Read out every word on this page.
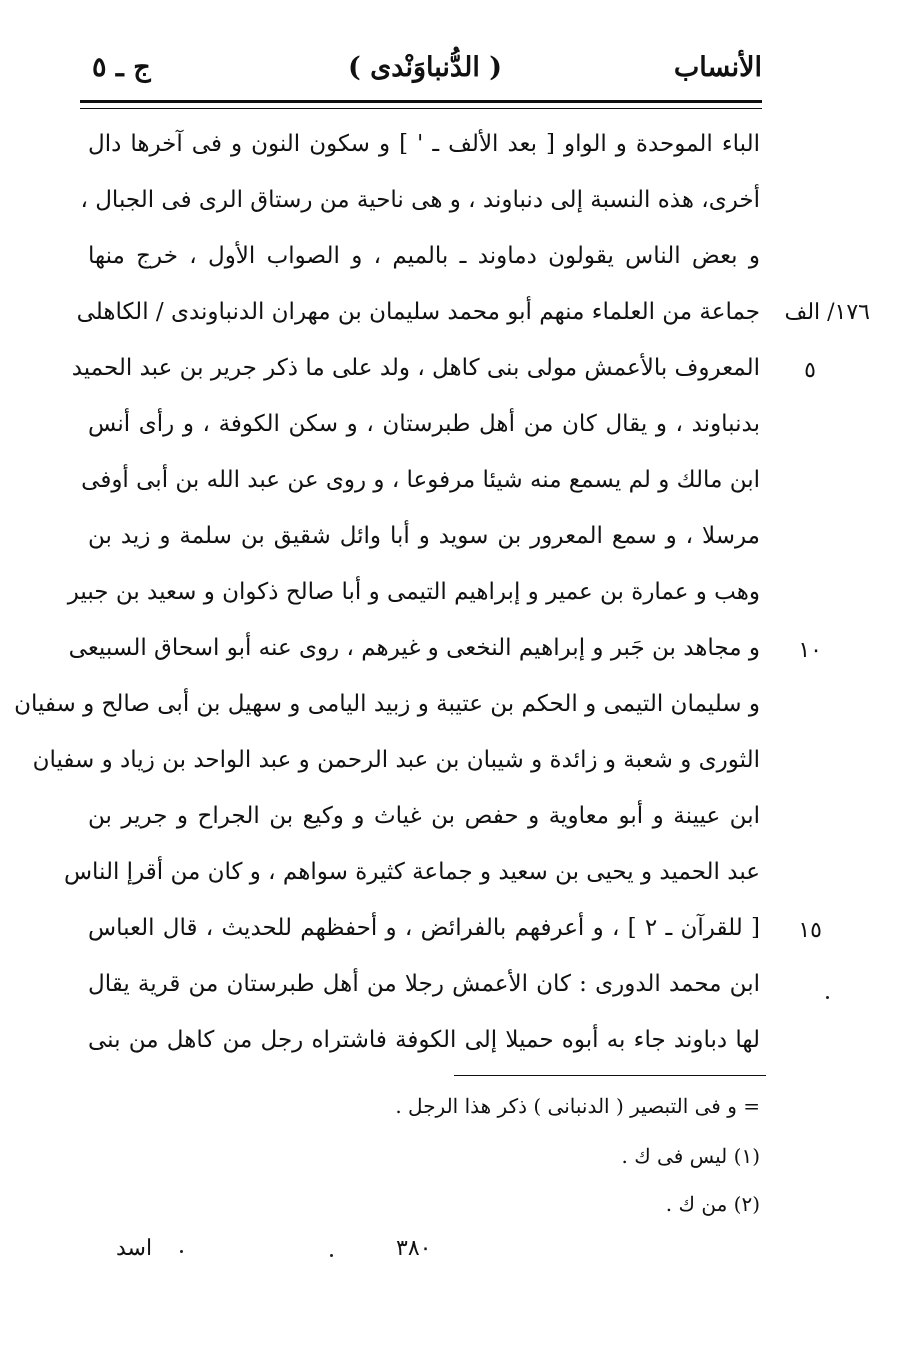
الأنساب
( الدُّنباوَنْدى )
ج ـ ٥
الباء الموحدة و الواو [ بعد الألف ـ ' ] و سكون النون و فى آخرها دال
أخرى، هذه النسبة إلى دنباوند ، و هى ناحية من رستاق الرى فى الجبال ،
و بعض الناس يقولون دماوند ـ بالميم ، و الصواب الأول ، خرج منها
جماعة من العلماء منهم أبو محمد سليمان بن مهران الدنباوندى / الكاهلى
المعروف بالأعمش مولى بنى كاهل ، ولد على ما ذكر جرير بن عبد الحميد
بدنباوند ، و يقال كان من أهل طبرستان ، و سكن الكوفة ، و رأى أنس
ابن مالك و لم يسمع منه شيئا مرفوعا ، و روى عن عبد الله بن أبى أوفى
مرسلا ، و سمع المعرور بن سويد و أبا وائل شقيق بن سلمة و زيد بن
وهب و عمارة بن عمير و إبراهيم التيمى و أبا صالح ذكوان و سعيد بن جبير
و مجاهد بن جَبر و إبراهيم النخعى و غيرهم ، روى عنه أبو اسحاق السبيعى
و سليمان التيمى و الحكم بن عتيبة و زبيد اليامى و سهيل بن أبى صالح و سفيان
الثورى و شعبة و زائدة و شيبان بن عبد الرحمن و عبد الواحد بن زياد و سفيان
ابن عيينة و أبو معاوية و حفص بن غياث و وكيع بن الجراح و جرير بن
عبد الحميد و يحيى بن سعيد و جماعة كثيرة سواهم ، و كان من أقرإ الناس
[ للقرآن ـ ٢ ] ، و أعرفهم بالفرائض ، و أحفظهم للحديث ، قال العباس
ابن محمد الدورى : كان الأعمش رجلا من أهل طبرستان من قرية يقال
لها دباوند جاء به أبوه حميلا إلى الكوفة فاشتراه رجل من كاهل من بنى
١٧٦/ الف
٥
١٠
١٥
= و فى التبصير ( الدنبانى ) ذكر هذا الرجل .
(١) ليس فى ك .
(٢) من ك .
٣٨٠
اسد
